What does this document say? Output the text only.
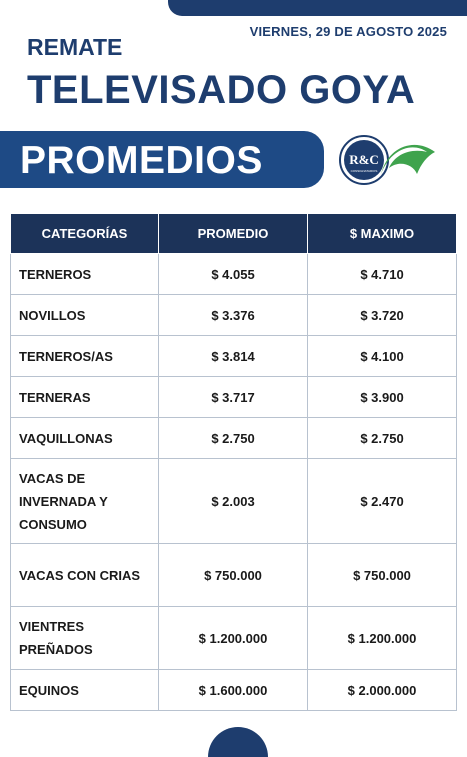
VIERNES, 29 DE AGOSTO 2025
REMATE
TELEVISADO GOYA
PROMEDIOS	R&C
CONSIGNATARIOS
CATEGORÍAS	PROMEDIO	$ MAXIMO
TERNEROS	$ 4.055	$ 4.710
NOVILLOS	$ 3.376	$ 3.720
TERNEROS/AS	$ 3.814	$ 4.100
TERNERAS	$ 3.717	$ 3.900
VAQUILLONAS	$ 2.750	$ 2.750
VACAS DE INVERNADA Y CONSUMO	$ 2.003	$ 2.470
VACAS CON CRIAS	$ 750.000	$ 750.000
VIENTRES PREÑADOS	$ 1.200.000	$ 1.200.000
EQUINOS	$ 1.600.000	$ 2.000.000
